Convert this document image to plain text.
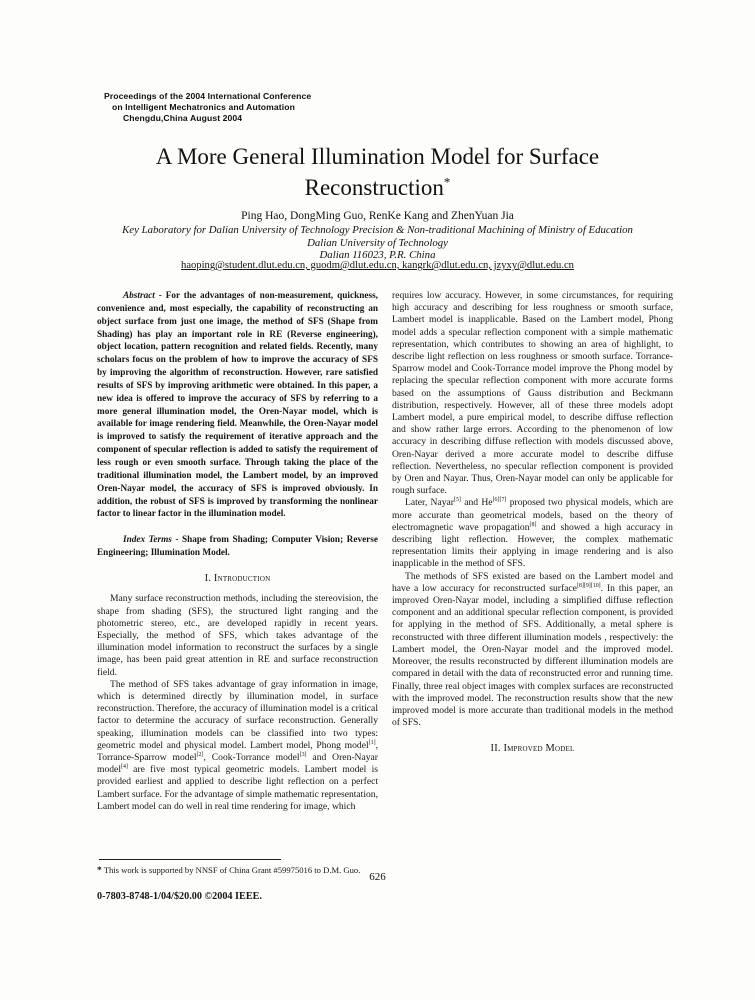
Proceedings of the 2004 International Conference
on Intelligent Mechatronics and Automation
Chengdu,China August 2004
A More General Illumination Model for Surface
Reconstruction*
Ping Hao, DongMing Guo, RenKe Kang and ZhenYuan Jia
Key Laboratory for Dalian University of Technology Precision & Non-traditional Machining of Ministry of Education
Dalian University of Technology
Dalian 116023, P.R. China
haoping@student.dlut.edu.cn, guodm@dlut.edu.cn, kangrk@dlut.edu.cn, jzyxy@dlut.edu.cn

Abstract - For the advantages of non-measurement, quickness, convenience and, most especially, the capability of reconstructing an object surface from just one image, the method of SFS (Shape from Shading) has play an important role in RE (Reverse engineering), object location, pattern recognition and related fields. Recently, many scholars focus on the problem of how to improve the accuracy of SFS by improving the algorithm of reconstruction. However, rare satisfied results of SFS by improving arithmetic were obtained. In this paper, a new idea is offered to improve the accuracy of SFS by referring to a more general illumination model, the Oren-Nayar model, which is available for image rendering field. Meanwhile, the Oren-Nayar model is improved to satisfy the requirement of iterative approach and the component of specular reflection is added to satisfy the requirement of less rough or even smooth surface. Through taking the place of the traditional illumination model, the Lambert model, by an improved Oren-Nayar model, the accuracy of SFS is improved obviously. In addition, the robust of SFS is improved by transforming the nonlinear factor to linear factor in the illumination model.

Index Terms - Shape from Shading; Computer Vision; Reverse Engineering; Illumination Model.

I. Introduction

Many surface reconstruction methods, including the stereovision, the shape from shading (SFS), the structured light ranging and the photometric stereo, etc., are developed rapidly in recent years. Especially, the method of SFS, which takes advantage of the illumination model information to reconstruct the surfaces by a single image, has been paid great attention in RE and surface reconstruction field.

The method of SFS takes advantage of gray information in image, which is determined directly by illumination model, in surface reconstruction. Therefore, the accuracy of illumination model is a critical factor to determine the accuracy of surface reconstruction. Generally speaking, illumination models can be classified into two types: geometric model and physical model. Lambert model, Phong model[1], Torrance-Sparrow model[2], Cook-Torrance model[3] and Oren-Nayar model[4] are five most typical geometric models. Lambert model is provided earliest and applied to describe light reflection on a perfect Lambert surface. For the advantage of simple mathematic representation, Lambert model can do well in real time rendering for image, which

* This work is supported by NNSF of China Grant #59975016 to D.M. Guo.

0-7803-8748-1/04/$20.00 ©2004 IEEE.

requires low accuracy. However, in some circumstances, for requiring high accuracy and describing for less roughness or smooth surface, Lambert model is inapplicable. Based on the Lambert model, Phong model adds a specular reflection component with a simple mathematic representation, which contributes to showing an area of highlight, to describe light reflection on less roughness or smooth surface. Torrance-Sparrow model and Cook-Torrance model improve the Phong model by replacing the specular reflection component with more accurate forms based on the assumptions of Gauss distribution and Beckmann distribution, respectively. However, all of these three models adopt Lambert model, a pure empirical model, to describe diffuse reflection and show rather large errors. According to the phenomenon of low accuracy in describing diffuse reflection with models discussed above, Oren-Nayar derived a more accurate model to describe diffuse reflection. Nevertheless, no specular reflection component is provided by Oren and Nayar. Thus, Oren-Nayar model can only be applicable for rough surface.

Later, Nayar[5] and He[6][7] proposed two physical models, which are more accurate than geometrical models, based on the theory of electromagnetic wave propagation[8] and showed a high accuracy in describing light reflection. However, the complex mathematic representation limits their applying in image rendering and is also inapplicable in the method of SFS.

The methods of SFS existed are based on the Lambert model and have a low accuracy for reconstructed surface[8][9][10]. In this paper, an improved Oren-Nayar model, including a simplified diffuse reflection component and an additional specular reflection component, is provided for applying in the method of SFS. Additionally, a metal sphere is reconstructed with three different illumination models , respectively: the Lambert model, the Oren-Nayar model and the improved model. Moreover, the results reconstructed by different illumination models are compared in detail with the data of reconstructed error and running time. Finally, three real object images with complex surfaces are reconstructed with the improved model. The reconstruction results show that the new improved model is more accurate than traditional models in the method of SFS.

II. Improved Model

626
